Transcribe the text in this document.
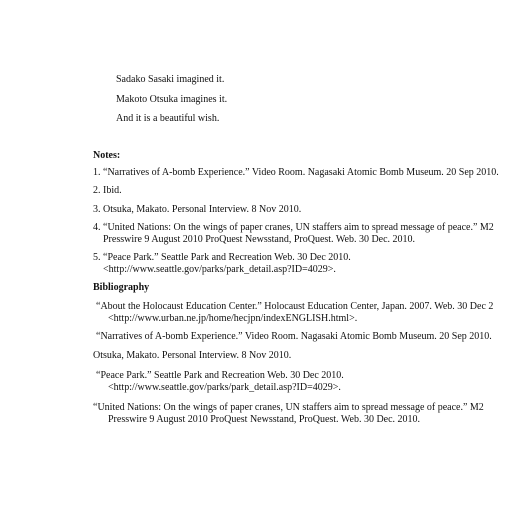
Sadako Sasaki imagined it.
Makoto Otsuka imagines it.
And it is a beautiful wish.
Notes:
1. “Narratives of A-bomb Experience.” Video Room. Nagasaki Atomic Bomb Museum. 20 Sep 2010.
2. Ibid.
3. Otsuka, Makato. Personal Interview. 8 Nov 2010.
4. “United Nations: On the wings of paper cranes, UN staffers aim to spread message of peace.” M2
Presswire 9 August 2010 ProQuest Newsstand, ProQuest. Web. 30 Dec. 2010.
5. “Peace Park.” Seattle Park and Recreation Web. 30 Dec 2010.
<http://www.seattle.gov/parks/park_detail.asp?ID=4029>.
Bibliography
“About the Holocaust Education Center.” Holocaust Education Center, Japan. 2007. Web. 30 Dec 2
<http://www.urban.ne.jp/home/hecjpn/indexENGLISH.html>.
“Narratives of A-bomb Experience.” Video Room. Nagasaki Atomic Bomb Museum. 20 Sep 2010.
Otsuka, Makato. Personal Interview. 8 Nov 2010.
“Peace Park.” Seattle Park and Recreation Web. 30 Dec 2010.
<http://www.seattle.gov/parks/park_detail.asp?ID=4029>.
“United Nations: On the wings of paper cranes, UN staffers aim to spread message of peace.” M2
Presswire 9 August 2010 ProQuest Newsstand, ProQuest. Web. 30 Dec. 2010.
